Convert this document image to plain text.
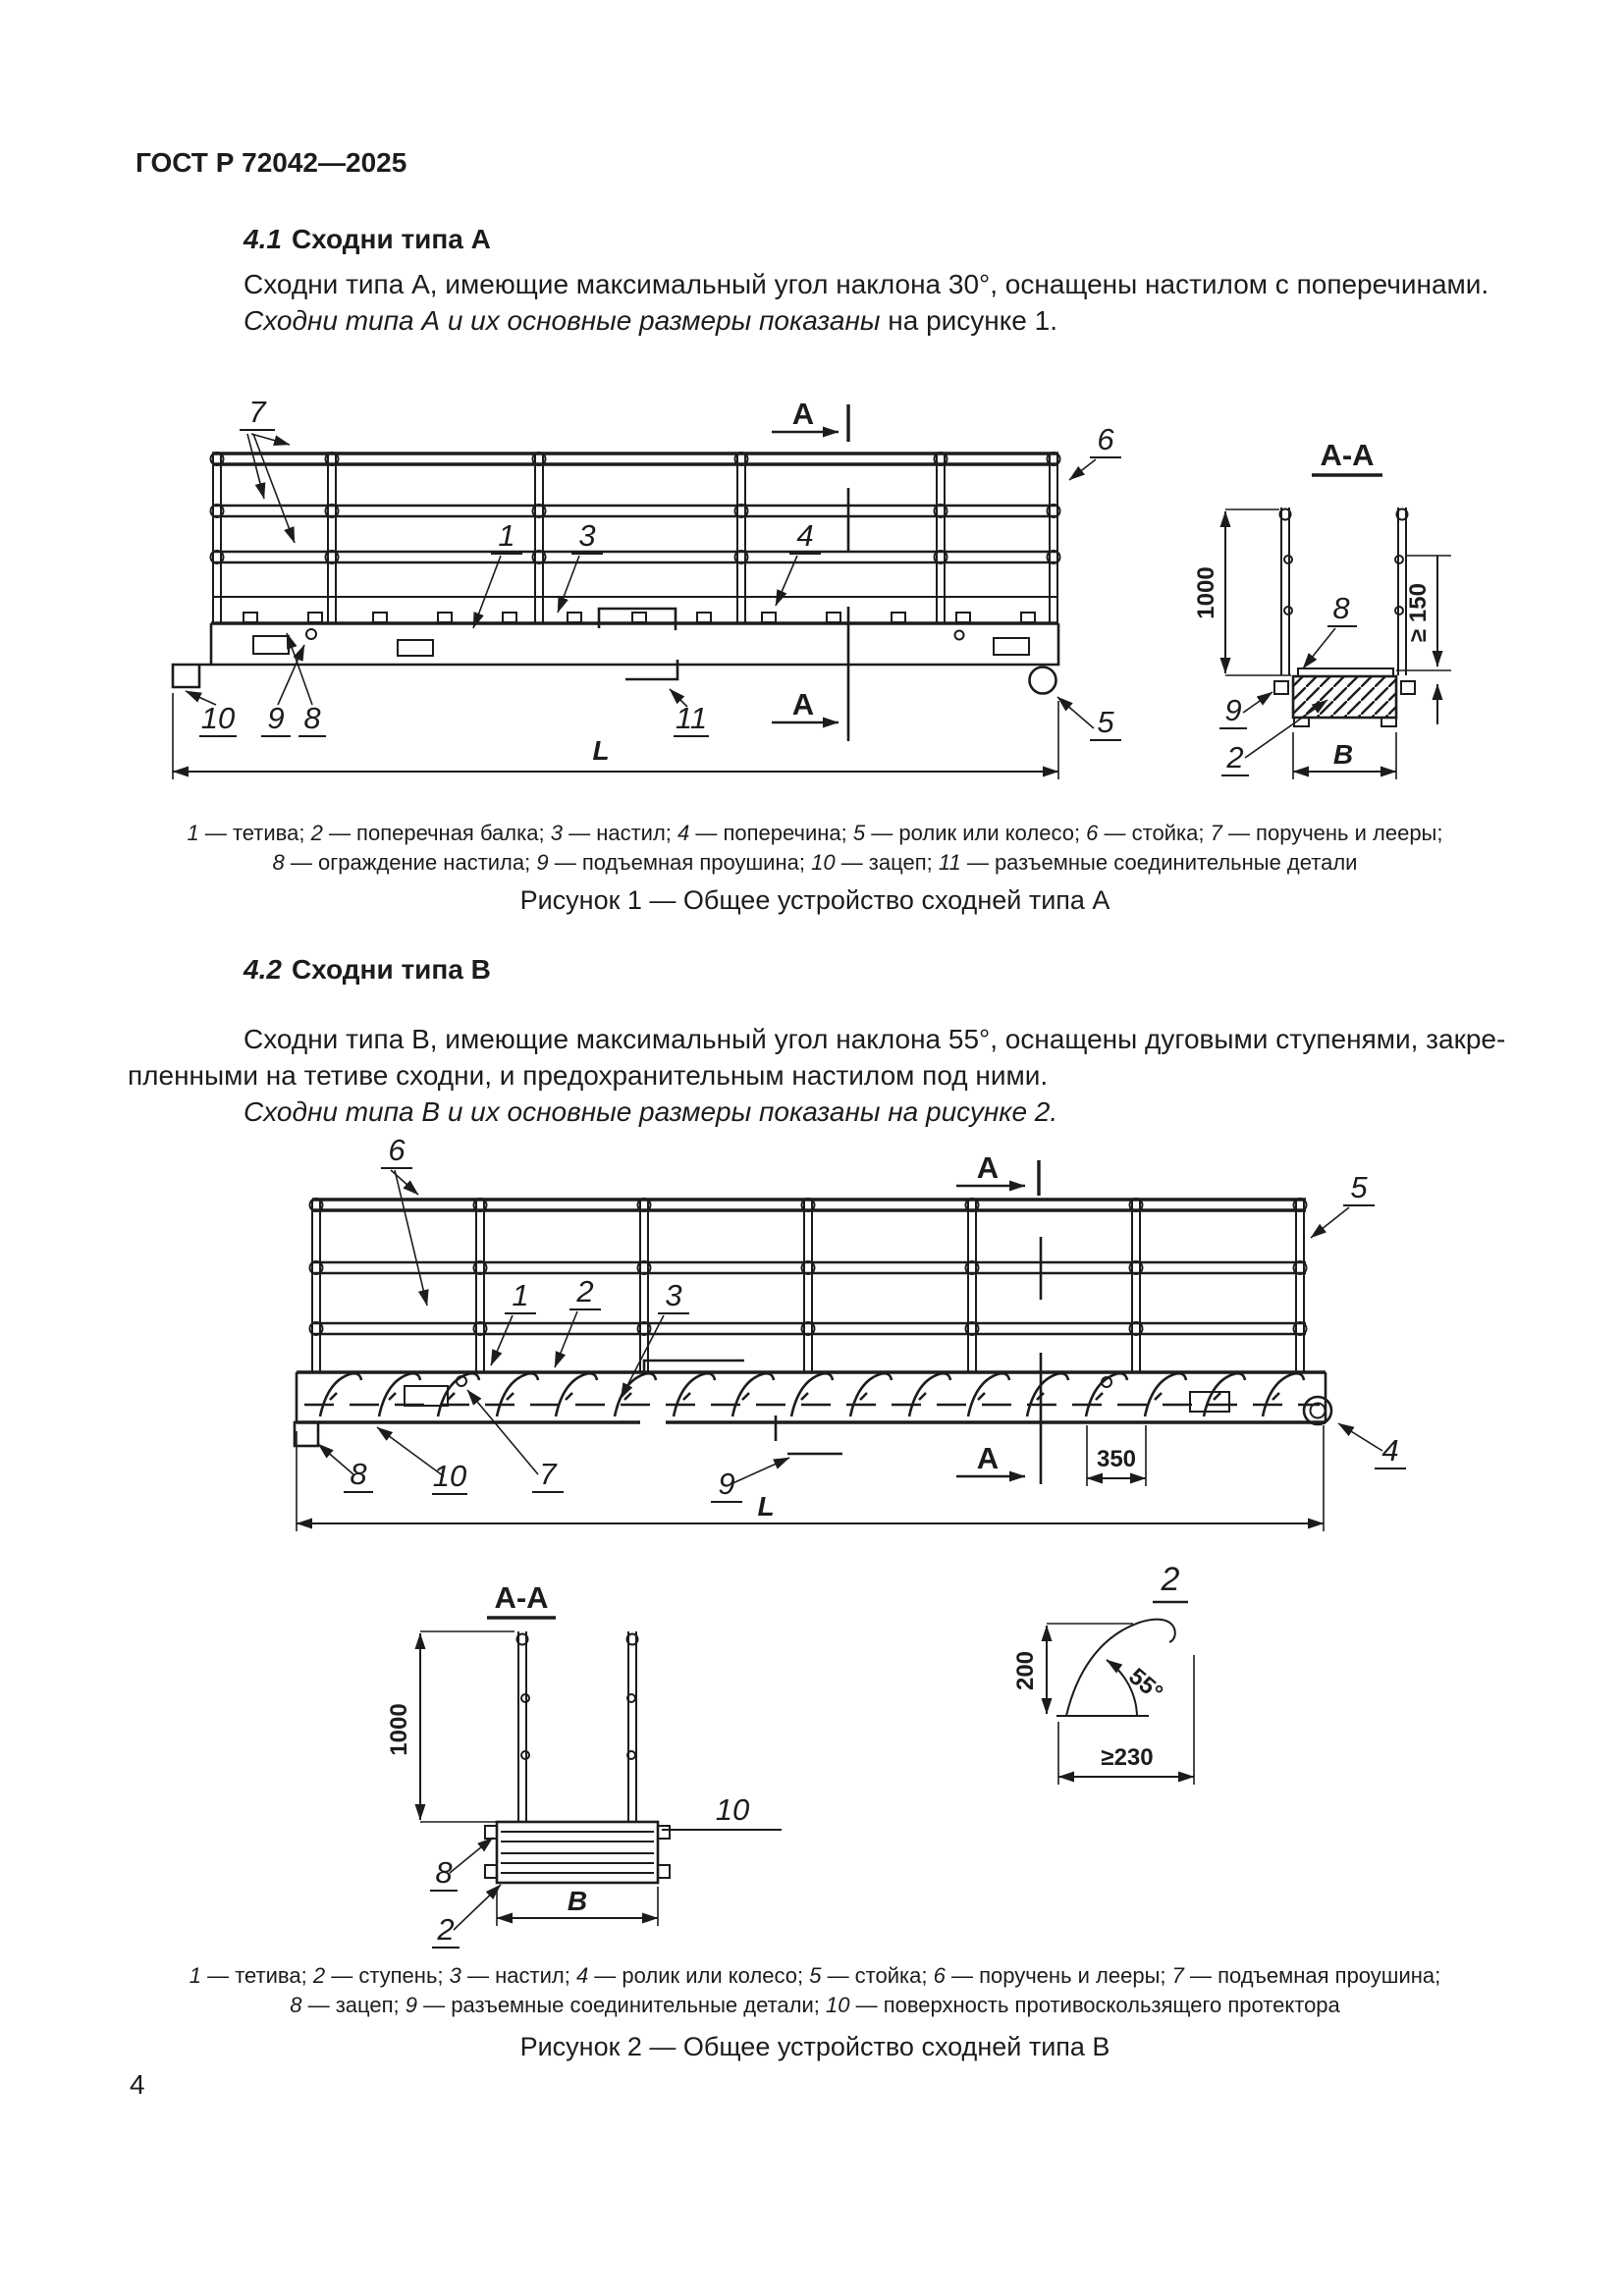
А
А
L
7
1 3	4
10 9 8	11
А-А
1000	≥ 150
В
8
9
2
6
5
А
А	350
L
6
5
1 2 3
4
8 10 7	9
А-А
1000
10
8
2
В
2
200	55°
≥230
ГОСТ Р 72042—2025
4.1 Сходни типа А
Сходни типа А, имеющие максимальный угол наклона 30°, оснащены настилом с поперечинами.
Сходни типа А и их основные размеры показаны на рисунке 1.
1 — тетива; 2 — поперечная балка; 3 — настил; 4 — поперечина; 5 — ролик или колесо; 6 — стойка; 7 — поручень и лееры;
8 — ограждение настила; 9 — подъемная проушина; 10 — зацеп; 11 — разъемные соединительные детали
Рисунок 1 — Общее устройство сходней типа А
4.2 Сходни типа В
Сходни типа В, имеющие максимальный угол наклона 55°, оснащены дуговыми ступенями, закре-
пленными на тетиве сходни, и предохранительным настилом под ними.
Сходни типа В и их основные размеры показаны на рисунке 2.
1 — тетива; 2 — ступень; 3 — настил; 4 — ролик или колесо; 5 — стойка; 6 — поручень и лееры; 7 — подъемная проушина;
8 — зацеп; 9 — разъемные соединительные детали; 10 — поверхность противоскользящего протектора
Рисунок 2 — Общее устройство сходней типа В
4
